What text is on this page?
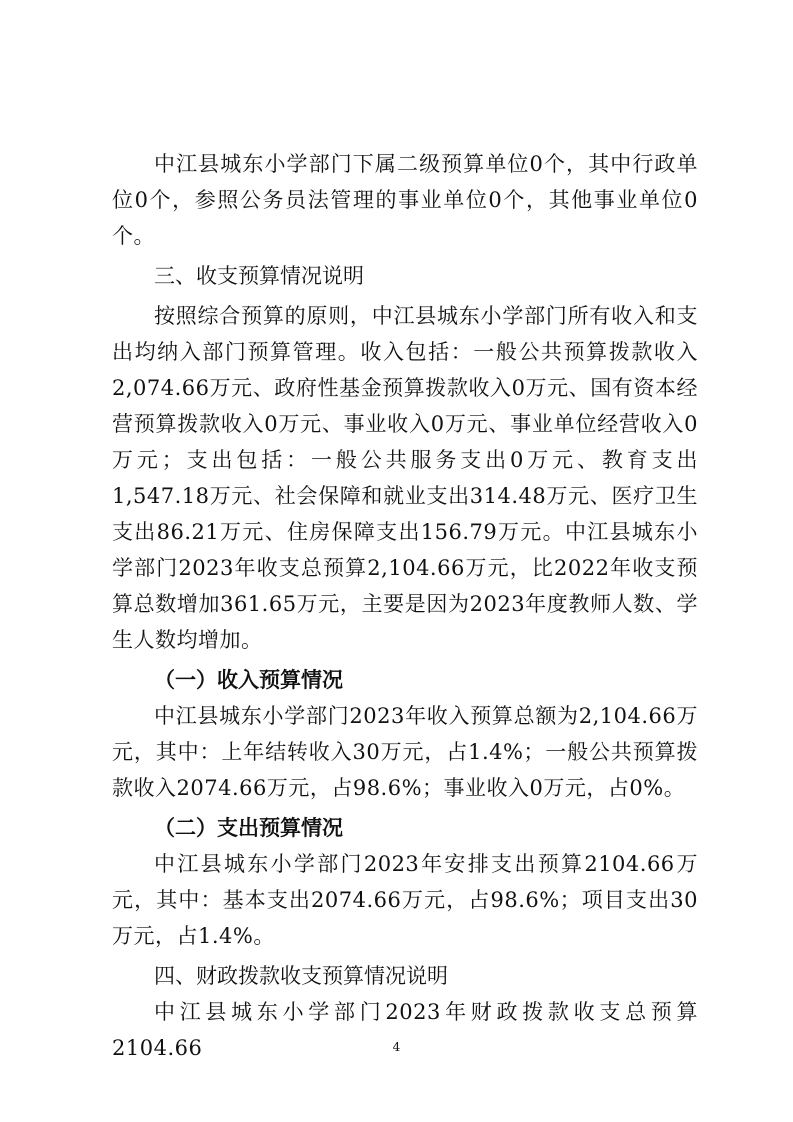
中江县城东小学部门下属二级预算单位0个，其中行政单位0个，参照公务员法管理的事业单位0个，其他事业单位0个。

三、收支预算情况说明

按照综合预算的原则，中江县城东小学部门所有收入和支出均纳入部门预算管理。收入包括：一般公共预算拨款收入2,074.66万元、政府性基金预算拨款收入0万元、国有资本经营预算拨款收入0万元、事业收入0万元、事业单位经营收入0万元；支出包括：一般公共服务支出0万元、教育支出1,547.18万元、社会保障和就业支出314.48万元、医疗卫生支出86.21万元、住房保障支出156.79万元。中江县城东小学部门2023年收支总预算2,104.66万元，比2022年收支预算总数增加361.65万元，主要是因为2023年度教师人数、学生人数均增加。

（一）收入预算情况

中江县城东小学部门2023年收入预算总额为2,104.66万元，其中：上年结转收入30万元，占1.4%；一般公共预算拨款收入2074.66万元，占98.6%；事业收入0万元，占0%。

（二）支出预算情况

中江县城东小学部门2023年安排支出预算2104.66万元，其中：基本支出2074.66万元，占98.6%；项目支出30万元，占1.4%。

四、财政拨款收支预算情况说明

中江县城东小学部门2023年财政拨款收支总预算2104.66	4
